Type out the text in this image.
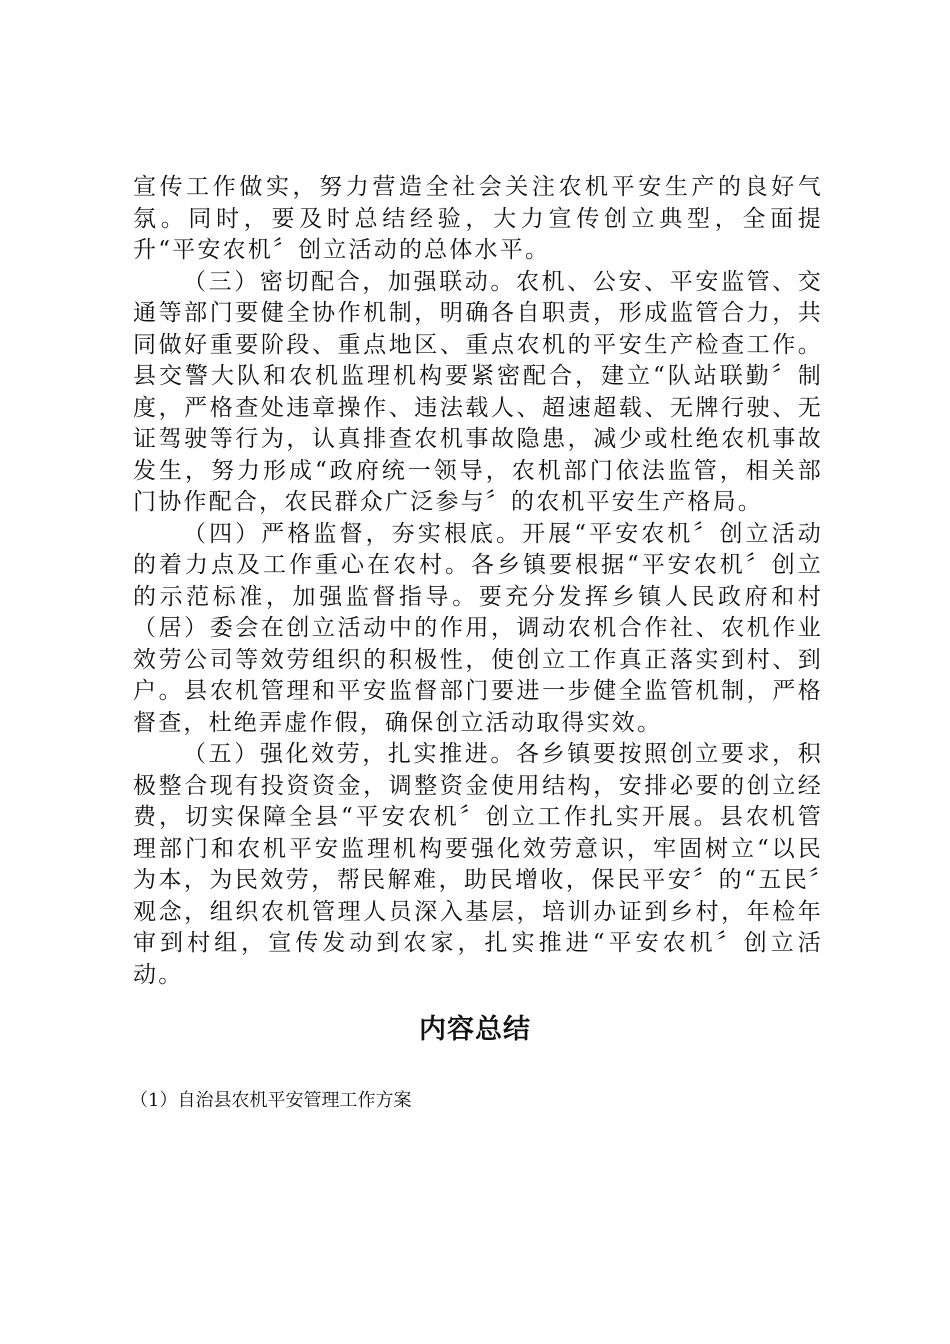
宣传工作做实，努力营造全社会关注农机平安生产的良好气氛。同时，要及时总结经验，大力宣传创立典型，全面提升“平安农机〞创立活动的总体水平。

（三）密切配合，加强联动。农机、公安、平安监管、交通等部门要健全协作机制，明确各自职责，形成监管合力，共同做好重要阶段、重点地区、重点农机的平安生产检查工作。县交警大队和农机监理机构要紧密配合，建立“队站联勤〞制度，严格查处违章操作、违法载人、超速超载、无牌行驶、无证驾驶等行为，认真排查农机事故隐患，减少或杜绝农机事故发生，努力形成“政府统一领导，农机部门依法监管，相关部门协作配合，农民群众广泛参与〞的农机平安生产格局。

（四）严格监督，夯实根底。开展“平安农机〞创立活动的着力点及工作重心在农村。各乡镇要根据“平安农机〞创立的示范标准，加强监督指导。要充分发挥乡镇人民政府和村（居）委会在创立活动中的作用，调动农机合作社、农机作业效劳公司等效劳组织的积极性，使创立工作真正落实到村、到户。县农机管理和平安监督部门要进一步健全监管机制，严格督查，杜绝弄虚作假，确保创立活动取得实效。

（五）强化效劳，扎实推进。各乡镇要按照创立要求，积极整合现有投资资金，调整资金使用结构，安排必要的创立经费，切实保障全县“平安农机〞创立工作扎实开展。县农机管理部门和农机平安监理机构要强化效劳意识，牢固树立“以民为本，为民效劳，帮民解难，助民增收，保民平安〞的“五民〞观念，组织农机管理人员深入基层，培训办证到乡村，年检年审到村组，宣传发动到农家，扎实推进“平安农机〞创立活动。

内容总结

（1）自治县农机平安管理工作方案
